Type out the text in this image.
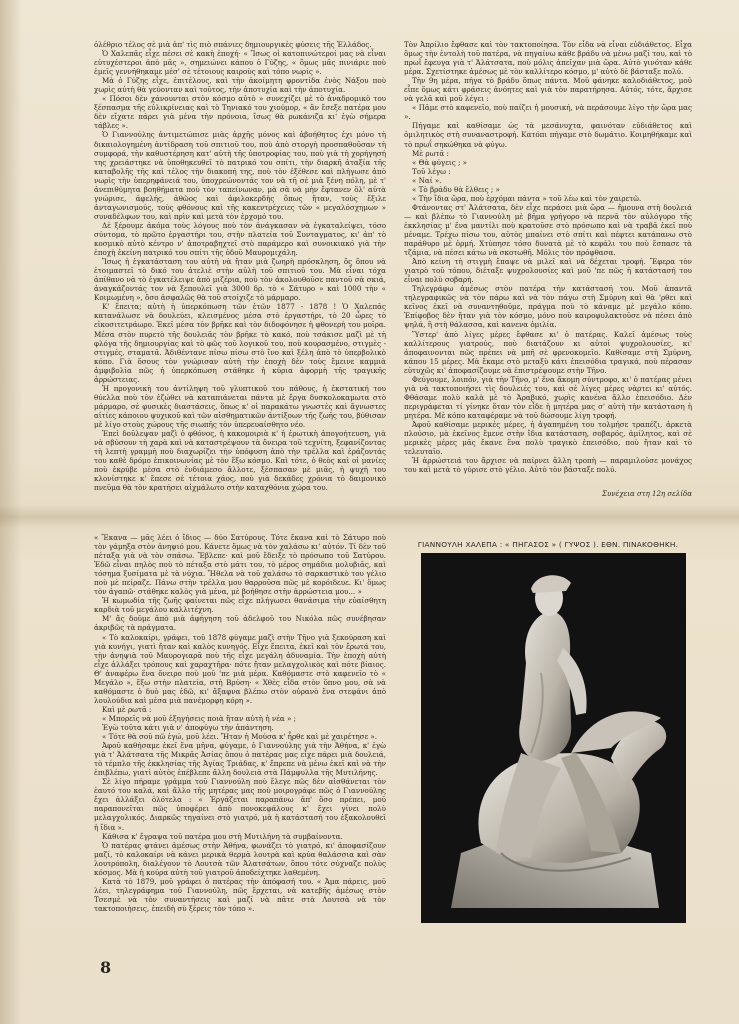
ὀλέθριο τέλος σὲ μιὰ ἀπ' τὶς πιὸ σπάνιες δημιουργικὲς φύσεις τῆς Ἑλλάδος.

Ὁ Χαλεπᾶς εἶχε πέσει σὲ κακὴ ἐποχή· « Ἴσως οἱ κατοπινώτεροί μας νὰ εἶναι εὐτυχέστεροι ἀπὸ μᾶς », σημειώνει κάπου ὁ Γύζης, « ὅμως μᾶς πινιάριε ποὺ ἐμεῖς γεννήθηκαμε μέσ' σὲ τέτοιους καιροὺς καὶ τόπο νωρίς ».

Μὰ ὁ Γύζης εἶχε, ἐπιτέλους, καὶ τὴν ἀκοίμητη φροντίδα ἐνὸς Νάξου ποὺ χωρὶς αὐτὴ θὰ γεύονταν καὶ τοῦτος, τὴν ἀποτυχία καὶ τὴν ἀποτυχία.

« Πόσοι δὲν χάνουνται στὸν κόσμο αὐτὸ » συνεχίζει μὲ τὸ ἀναδρομικὸ του ξέσπασμα τῆς εὐλικρίνειας καὶ τὸ Τηνιακό του χιούμορ, « ἂν ἔσεξε πατέρα μου δὲν εἴχατε πάρει γιὰ μένα τὴν πρόνοια, ἴσως θὰ ρωκάνιζα κι' ἐγὼ σήμερα τάβλες ».

Ὁ Γιαννούλης ἀντιμετώπισε μιὰς ἀρχῆς μόνος καὶ ἀβοήθητος ἐχι μόνο τὴ δικαιολογημένη ἀντίδραση τοῦ σπιτιοῦ του, ποὺ ἀπὸ στοργὴ προσπαθοῦσαν τὴ συμφορά, τὴν καθυστέρηση κατ' αὐτὴ τῆς ὑποτροφίας του, ποὺ γιὰ τὴ χορήγησή της χρειάστηκε νὰ ὑποθηκευθεῖ τὸ πατρικό του σπίτι, τὴν διαρκῆ ἀταξία τῆς καταβολῆς τῆς καὶ τέλος τὴν διακοπή της, ποὺ τὸν ἐξέθεσε καὶ πλήγωσε ἀπὸ νωρὶς τὴν ὑπερηφάνειά του, ὑποχρεώνοντάς τον νὰ τῆ σὲ μιὰ ξένη πόλη, μὲ τ' ἀνεπιθύμητα βοηθήματα ποὺ τὸν ταπείνωναν, μὰ σὰ νὰ μὴν ἔφτανεν ὅλ' αὐτὰ γνώρισε, ἀφελής, ἀθῶος καὶ ἀφιλοκερδὴς ὅπως ἤταν, τοὺς ἔξιλε ἀνταγωνισμούς, τοὺς φθόνους καὶ τῆς κακεντρέχειες τῶν « μεγαλόσχημων » συναδέλφων του, καὶ πρὶν καὶ μετὰ τὸν ἐρχομό του.

Δὲ ξέρουμε ἀκόμα τοὺς λόγους ποὺ τὸν ἀνάγκασαν νὰ ἐγκαταλείψει, τόσο σύντομα, τὸ πρῶτο ἐργαστήρι του, στὴν πλατεία τοῦ Συνταγματος, κι' ἀπ' τὸ κοσμικὸ αὐτὸ κέντρο ν' ἀποτραβηχτεῖ στὸ παράμερο καὶ συνοικιακό γιὰ τὴν ἐποχὴ ἐκείνη πατρικό του σπίτι τῆς ὁδοῦ Μαυρομιχάλη.

Ἴσως ἡ ἐγκατάσταση του αὐτὴ νὰ ἤταν μιὰ ζωηρὴ πρόσκληση, ὅς ὅπου νὰ ἑτοιμαστεῖ τὸ δικό του ἀτελιὲ στὴν αὐλὴ τοῦ σπιτιοῦ του. Μὰ εἶναι τόχα ἀπίθανο νὰ τὸ ἐγκατέλειψε ἀπὸ μιζέρια, ποὺ τὸν ἀκολουθοῦσε παντοῦ σὰ σκιά, ἀναγκάζοντάς τον νὰ ξεπουλεῖ γιὰ 3000 δρ. τὸ « Σάτυρο » καὶ 1000 τὴν « Κοιμωμένη », ὅσο ἀσφαλῶς θὰ τοῦ στοίχιζε τὸ μάρμαρο.

Κ' ἔπειτα; αὐτὴ ἡ ὑπερκόπωση τῶν ἐτῶν 1877 - 1878 ! Ὁ Χαλεπᾶς κατανάλωσε νὰ δουλεύει, κλεισμένος μέσα στὸ ἐργαστήρι, τὸ 20 ὧρες τὸ εἰκοσιτετράωρο. Ἐκεῖ μέσα τὸν βρῆκε καὶ τὸν διδοφόνησε ἡ φθονερὴ του μοῖρα. Μέσα στὸν πυρετὸ τῆς δουλειᾶς τὸν βρῆκε τὸ κακό, ποὺ τσάκισε μαζὶ μὲ τὴ φλόγα τῆς δημιουργίας καὶ τὸ φῶς τοῦ λογικοῦ του, ποὺ κουρασμένο, στιγμὲς - στιγμές, σταματᾶ. Ἀδιθέντανε πίσω πίσω στὸ ἴνο καὶ ξέλη ἀπὸ τὸ ὑπερβολικὸ κόπο. Γιὰ ὅσους τὸν γνώρισαν αὐτὴ τὴν ἐποχὴ δὲν τοὺς ἔμεινε καμμιὰ ἀμφιβολία πῶς ἡ ὑπερκόπωση στάθηκε ἡ κύρια ἀφορμὴ τῆς τραγικῆς ἀρρώστειας.

Ἡ προγονικὴ του ἀντίληψη τοῦ γλυπτικοῦ του πάθους, ἡ ἐκστατική του θύελλα ποὺ τὸν ἐζώθει νὰ καταπιάνεται πάντα μὲ ἔργα δυσκολοκαμωτα στὸ μάρμαρο, σὲ φυσικὲς διαστάσεις, ὅπως κ' οἱ παρακάτω γνωστὲς καὶ ἄγνωστες αἰτίες κάποιου ψυχικοῦ καὶ τῶν αἰσθηματικῶν ἀντίξοων τῆς ζωῆς του, βύθισαν μὲ λίγο στοὺς χώρους τῆς σιωπῆς τὸν ὑπερευαίσθητο νέο.

Ἐπεὶ δοῦλεψαν μαζὶ ὁ φθόνος, ἡ κακομοιριὰ κ' ἡ ἐρωτικὴ ἀπογοήτευση, γιὰ νὰ σβύσουν τὴ χαρὰ καὶ νὰ καταστρέψουν τὰ ὄνειρα τοῦ τεχνίτη, ξεφανίζοντας τὴ λεπτὴ γραμμὴ ποὺ διαχωρίζει τὴν ὑπόφυση ἀπὸ τὴν τρέλλα καὶ ἐράζοντάς του καθὲ δρόμο ἐπικοινωνίας μὲ τὸν ἔξω κόσμο. Καὶ τότε, ὁ θεὸς καὶ οἱ μανίες ποὺ ἐκρύβε μέσα στὸ ἐνδιάμεσο ἄλλοτε, ξέσπασαν μὲ μιᾶς, ἡ ψυχή του κλονίστηκε κ' ἔπεσε σὲ τέτοια χάος, ποὺ γιὰ δεκάδες χρόνια τὸ δαιμονικὸ πνεῦμα θὰ τὸν κρατήσει αἰχμάλωτο στὴν καταχθόνια χώρα του.

« Ἔκανα — μᾶς λέει ὁ ἴδιος — δύο Σατύρους. Τότε ἔκανα καὶ τὸ Σάτυρο ποὺ τὸν γάμηξα στὸν ἀνηψιό μου. Κάνετε ὅμως νὰ τὸν χαλάσω κι' αὐτόν. Τί δὲν τοῦ πέταξα γιὰ νὰ τὸν σπάσω. Ἔβλεπε· καὶ μοῦ ἔδειξε τὸ πρόσωπο τοῦ Σατύρου. Ἐδῶ εἶναι πηλὸς ποὺ τὸ πέταξα στὸ μάτι του, τὸ μέρος σημάδια μολυβιᾶς, καὶ τόσημα ξυσίματα μὲ τὰ νύχια. Ἤθελα νὰ τοῦ χαλάσω τὸ σαρκαστικὸ του γέλιο ποὺ μὲ πείραζε. Πάνω στὴν τρέλλα μου θαρροῦσα πῶς μὲ κορόιδευε. Κι' ὅμως τὸν ἀγαπῶ· στάθηκε καλὸς γιὰ μένα, μὲ βοήθησε στὴν ἀρρώστεια μου... »

Ἡ κωμωδία τῆς ζωῆς φαίνεται πῶς εἶχε πλήγωσει θανάσιμα τὴν εὐαίσθητη καρδιὰ τοῦ μεγάλου καλλιτέχνη.

Μ' ἄς δοῦμε ἀπὸ μιὰ ἀφήγηση τοῦ ἀδελφοῦ του Νικόλα πῶς συνέβησαν ἀκριβῶς τὰ πράγματα.

« Τὸ καλοκαίρι, γράφει, τοῦ 1878 φύγαμε μαζὶ στὴν Τῆνο γιὰ ξεκούραση καὶ γιὰ κυνήγι, γιατὶ ἤταν καὶ καλὸς κυνηγός. Εἶχε ἔπειτα, ἐκεῖ καὶ τὸν ἔρωτά του, τὴν ἀνηψιὰ τοῦ Μαυρογιαρᾶ ποὺ τῆς εἶχε μεγάλη ἀδυναμία. Τὴν ἐποχὴ αὐτὴ εἶχε ἀλλάξει τρόπους καὶ χαραχτῆρα· πότε ἤταν μελαγχολικὸς καὶ πότε βίαιος. Θ' ἀναφέρω ἕνα ὄνειρο ποὺ μοῦ 'πε μιὰ μέρα. Καθόμαστε στὸ καφενεῖο τὸ « Μεγάλο », ἔξω στὴν πλατεία, στὴ Βρύση· « Χθὲς εἶδα στὸν ὕπνο μου, σὰ νὰ καθόμαστε ὁ δυὸ μας ἐδῶ, κι' ἄξαφνα βλέπω στὸν οὐρανὸ ἕνα στεφάνι ἀπὸ λουλούδια καὶ μέσα μιὰ πανέμορφη κόρη ».

Καὶ μὲ ρωτᾶ :

« Μπορεῖς νὰ μοῦ ἐξηγήσεις ποιὰ ἤταν αὐτὴ ἡ νέα » ;

Ἐγὼ τοῦτα κάτι γιὰ ν' ἀποφύγω τὴν ἀπάντηση.

« Τότε θὰ σοῦ πῶ ἐγώ, μοῦ λέει. Ἤταν ἡ Μούσα κ' ἦρθε καὶ μὲ χαιρέτησε ».

Ἀφοῦ καθήσαμε ἐκεῖ ἕνα μῆνα, φύγαμε, ὁ Γιαννούλης γιὰ τὴν Ἀθήνα, κ' ἐγὼ γιὰ τ' Ἀλάτσατα τῆς Μικρᾶς Ἀσίας ὅπου ὁ πατέρας μας εἶχε πάρει μιὰ δουλειά, τὸ τέμπλο τῆς ἐκκλησίας τῆς Ἁγίας Τριάδας, κ' ἔπρεπε νὰ μένω ἐκεῖ καὶ νὰ τὴν ἐπιβλέπω, γιατὶ αὐτὸς ἐπέβλεπε ἄλλη δουλειὰ στὰ Πάμφυλλα τῆς Μυτιλήνης.

Σὲ λίγο πήραμε γράμμα τοῦ Γιαννούλη ποὺ ἔλεγε πῶς δὲν αἰσθάνεται τὸν ἑαυτό του καλά, καὶ ἄλλο τῆς μητέρας μας ποὺ μοιρογράφε πῶς ὁ Γιαννούλης ἔχει ἀλλάξει ὁλότελα : « Ἐργάζεται παραπάνω ἀπ' ὅσο πρέπει, μοῦ παραπονεῖται πῶς ὑποφέρει ἀπὸ πονοκεφάλους κ' ἔχει γίνει πολὺ μελαγχολικός. Διαρκῶς τηγαίνει στὸ γιατρό, μὰ ἡ κατάστασή του ἐξακολουθεῖ ἡ ἴδια ».

Κάθισα κ' ἔγραψα τοῦ πατέρα μου στὴ Μυτιλήνη τὰ συμβαίνοντα.

Ὁ πατέρας φτάνει ἀμέσως στὴν Ἀθήνα, φωνάζει τὸ γιατρό, κι' ἀποφασίζουν μαζί, τὸ καλοκαίρι νὰ κάνει μερικὰ θερμὰ λουτρὰ καὶ κρύα θαλάσσια καὶ σὰν λουτρόπολη, διαλέγουν τὸ Λουτσὰ τῶν Ἀλατσάτων, ὅπου τότε σύχναζε πολὺς κόσμος. Μὰ ἡ κούρα αὐτὴ τοῦ γιατροῦ ἀποδείχτηκε λαθεμένη.

Κατὰ τὸ 1879, μοῦ γράφει ὁ πατέρας τὴν ἀπόφασή του. « Ἀμα πάρεις, μοῦ λέει, τηλεγράφημα τοῦ Γιαννούλη, πῶς ἔρχεται, νὰ κατεβῆς ἀμέσως στὸν Τσεσμὲ νὰ τὸν συναντήσεις καὶ μαζί νὰ πᾶτε στὰ Λουτσὰ νὰ τὸν τακτοποιήσεις, ἐπειδὴ σὺ ξέρεις τὸν τόπο ».

Τὸν Ἀπρίλιο ἔφθασε καὶ τὸν τακτοποίησα. Τὸν εἶδα νὰ εἶναι εὐδιάθετος. Εἶχα ὅμως τὴν ἐντολὴ τοῦ πατέρα, νὰ πηγαίνω κάθε βράδυ νὰ μένω μαζί του, καὶ τὸ πρωΐ ἔφευγα γιὰ τ' Ἀλάτσατα, ποὺ μόλις ἀπεῖχαν μιὰ ὥρα. Αὐτὸ γινόταν κάθε μέρα. Σχετίστηκε ἀμέσως μὲ τὸν καλλίτερο κόσμο, μ' αὐτὸ δὲ βάσταξε πολύ.

Τὴν 9η μέρα, πήγα τὸ βράδυ ὅπως πάντα. Μοῦ φάνηκε καλοδιάθετος, μοῦ εἶπε ὅμως κάτι φράσεις ἀνόητες καὶ γιὰ τὸν παρατήρησα. Αὐτός, τότε, ἄρχισε νὰ γελᾶ καὶ μοῦ λέγει :

« Πᾶμε στὸ καφενεῖο, ποὺ παίζει ἡ μουσική, νὰ περάσουμε λίγο τὴν ὥρα μας ».

Πήγαμε καὶ καθίσαμε ὡς τὰ μεσάνυχτα, φαινόταν εὐδιάθετος καὶ ὁμιλητικὸς στὴ συναναστροφή. Κατόπι πήγαμε στὸ δωμάτιο. Κοιμηθήκαμε καὶ τὸ πρωΐ σηκώθηκα νὰ φύγω.

Μὲ ρωτᾶ :

« Θὰ φύγεις ; »

Τοῦ λέγω :

« Ναί ».

« Τὸ βράδυ θὰ ἔλθεις ; »

« Τὴν ἴδια ὥρα, ποὺ ἐρχόμαι πάντα » τοῦ λέω καὶ τὸν χαιρετῶ.

Φτάνοντας στ' Ἀλάτσατα, δὲν εἶχε περάσει μιὰ ὥρα — ἤμουνα στὴ δουλειά — καὶ βλέπω τὸ Γιαννούλη μὲ βῆμα γρήγορο νὰ περνᾶ τὸν αὐλόγυρο τῆς ἐκκλησίας μ' ἕνα μαντίλι ποὺ κρατοῦσε στὸ πρόσωπο καὶ νὰ τραβᾶ ἐκεῖ ποὺ μέναμε. Τρέχω πίσω του, αὐτὸς μπαίνει στὸ σπίτι καὶ πέφτει κατάπανω στὸ παράθυρο μὲ ὁρμή. Χτύπησε τόσο δυνατὰ μὲ τὸ κεφάλι του ποὺ ἔσπασε τὰ τζάμια, νὰ πέσει κάτω νὰ σκοτωθῆ. Μόλις τὸν πρόφθασα.

Ἀπὸ κείνη τὴ στιγμὴ ἔπαψε νὰ μιλεῖ καὶ νὰ δέχεται τροφή. Ἔφερα τὸν γιατρὸ τοῦ τόπου, διέταξε ψυχρολουσίες καὶ μοῦ 'πε πῶς ἡ κατάστασή του εἶναι πολὺ σοβαρή.

Τηλεγράφω ἀμέσως στὸν πατέρα τὴν κατάστασή του. Μοῦ ἀπαντᾶ τηλεγραφικῶς νὰ τὸν πάρω καὶ νὰ τὸν πάγω στὴ Σμύρνη καὶ θὰ 'ρθει καὶ κεῖνος ἐκεῖ νὰ συναντηθοῦμε, πράγμα ποὺ τὸ κάναμε μὲ μεγάλο κόπο. Ἐπίφοβος δὲν ἤταν γιὰ τὸν κόσμο, μόνο ποὺ καιροφυλακτοῦσε νὰ πέσει ἀπὸ ψηλά, ἢ στὴ θάλασσα, καὶ κανενα ὁμιλία.

Ὕστερ' ἀπὸ λίγες μέρες ἔφθασε κι' ὁ πατέρας. Καλεῖ ἀμέσως τοὺς καλλίτερους γιατρούς, ποὺ διατάζουν κι αὐτοὶ ψυχρολουσίες, κι' ἀποφαινονται πῶς πρέπει νὰ μπῆ σὲ φρενοκομεῖο. Καθίσαμε στὴ Σμύρνη, κάπου 15 μέρες. Μὰ ἔκαμε στὸ μεταξὺ κάτι ἐπεισόδια τραγικά, ποὺ πέρασαν εὐτυχῶς κι' ἀποφασίζουμε νὰ ἐπιστρέψουμε στὴν Τῆνο.

Φεύγουμε, λοιπόν, γιὰ τὴν Τῆνο, μ' ἕνα ἄκομη σύντροφο, κι' ὁ πατέρας μένει γιὰ νὰ τακτοποιήσει τὶς δουλειές του, καὶ σὲ λίγες μέρες νὰρτει κι' αὐτός. Φθάσαμε πολὺ καλὰ μὲ τὸ Ἀραβικό, χωρὶς κανένα ἄλλο ἐπεισόδιο. Δὲν περιγράφεται τί γίνηκε ὅταν τὸν εἶδε ἡ μητέρα μας σ' αὐτὴ τὴν κατάσταση ἡ μητέρα. Μὲ κόπο καταφέραμε νὰ τοῦ δώσουμε λίγη τροφή.

Ἀφοῦ καθίσαμε μερικὲς μέρες, ἡ ἀγαπημένη του τολμήσε τραπέζι, ἀρκετὰ πλούσιο, μὰ ἐκεῖνος ἔμενε στὴν ἴδια κατάσταση, σοβαρός, ἀμίλητος, καὶ σὲ μερικὲς μέρες μᾶς ἔκανε ἕνα πολὺ τραγικὸ ἐπεισόδιο, ποὺ ἤταν καὶ τὸ τελευταῖο.

Ἡ ἀρρώστειά του ἄρχισε νὰ παίρνει ἄλλη τροπὴ — παραμιλοῦσε μονάχος του καὶ μετὰ τὸ γύρισε στὸ γέλιο. Αὐτὸ τὸν βάσταξε πολύ.

Συνέχεια στη 12η σελίδα
ΓΙΑΝΝΟΥΛΗ ΧΑΛΕΠΑ : « ΠΗΓΑΣΟΣ » ( ΓΥΨΟΣ ). ΕΘΝ. ΠΙΝΑΚΟΘΗΚΗ.
8
